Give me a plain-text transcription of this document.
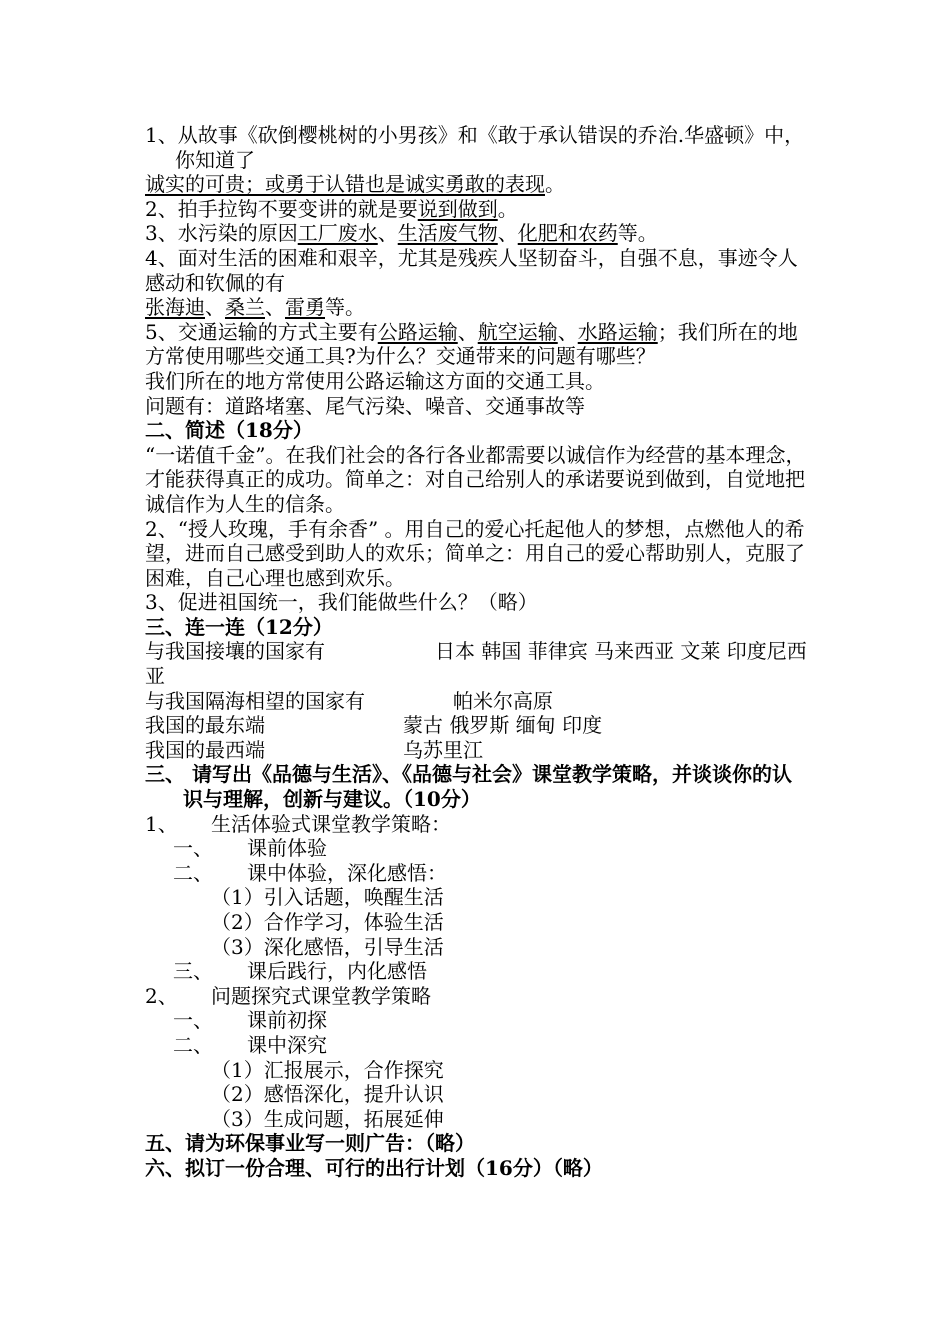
1、从故事《砍倒樱桃树的小男孩》和《敢于承认错误的乔治.华盛顿》中，你知道了
诚实的可贵；或勇于认错也是诚实勇敢的表现。
2、拍手拉钩不要变讲的就是要说到做到。
3、水污染的原因工厂废水、生活废气物、化肥和农药等。
4、面对生活的困难和艰辛，尤其是残疾人坚韧奋斗，自强不息，事迹令人感动和钦佩的有
张海迪、桑兰、雷勇等。
5、交通运输的方式主要有公路运输、航空运输、水路运输；我们所在的地方常使用哪些交通工具?为什么？交通带来的问题有哪些？
我们所在的地方常使用公路运输这方面的交通工具。
问题有：道路堵塞、尾气污染、噪音、交通事故等
二、简述（18分）
“一诺值千金”。在我们社会的各行各业都需要以诚信作为经营的基本理念，才能获得真正的成功。简单之：对自己给别人的承诺要说到做到，自觉地把诚信作为人生的信条。
2、“授人玫瑰，手有余香” 。用自己的爱心托起他人的梦想，点燃他人的希望，进而自己感受到助人的欢乐；简单之：用自己的爱心帮助别人，克服了困难，自己心理也感到欢乐。
3、促进祖国统一，我们能做些什么？（略）
三、连一连（12分）
与我国接壤的国家有	日本 韩国 菲律宾 马来西亚 文莱 印度尼西亚
与我国隔海相望的国家有	帕米尔高原
我国的最东端	蒙古 俄罗斯 缅甸 印度
我国的最西端	乌苏里江
三、 请写出《品德与生活》、《品德与社会》课堂教学策略，并谈谈你的认识与理解，创新与建议。（10分）
1、 生活体验式课堂教学策略：
一、 课前体验
二、 课中体验，深化感悟：
（1）引入话题，唤醒生活
（2）合作学习，体验生活
（3）深化感悟，引导生活
三、 课后践行，内化感悟
2、 问题探究式课堂教学策略
一、 课前初探
二、 课中深究
（1）汇报展示，合作探究
（2）感悟深化，提升认识
（3）生成问题，拓展延伸
五、请为环保事业写一则广告：（略）
六、拟订一份合理、可行的出行计划（16分）（略）
